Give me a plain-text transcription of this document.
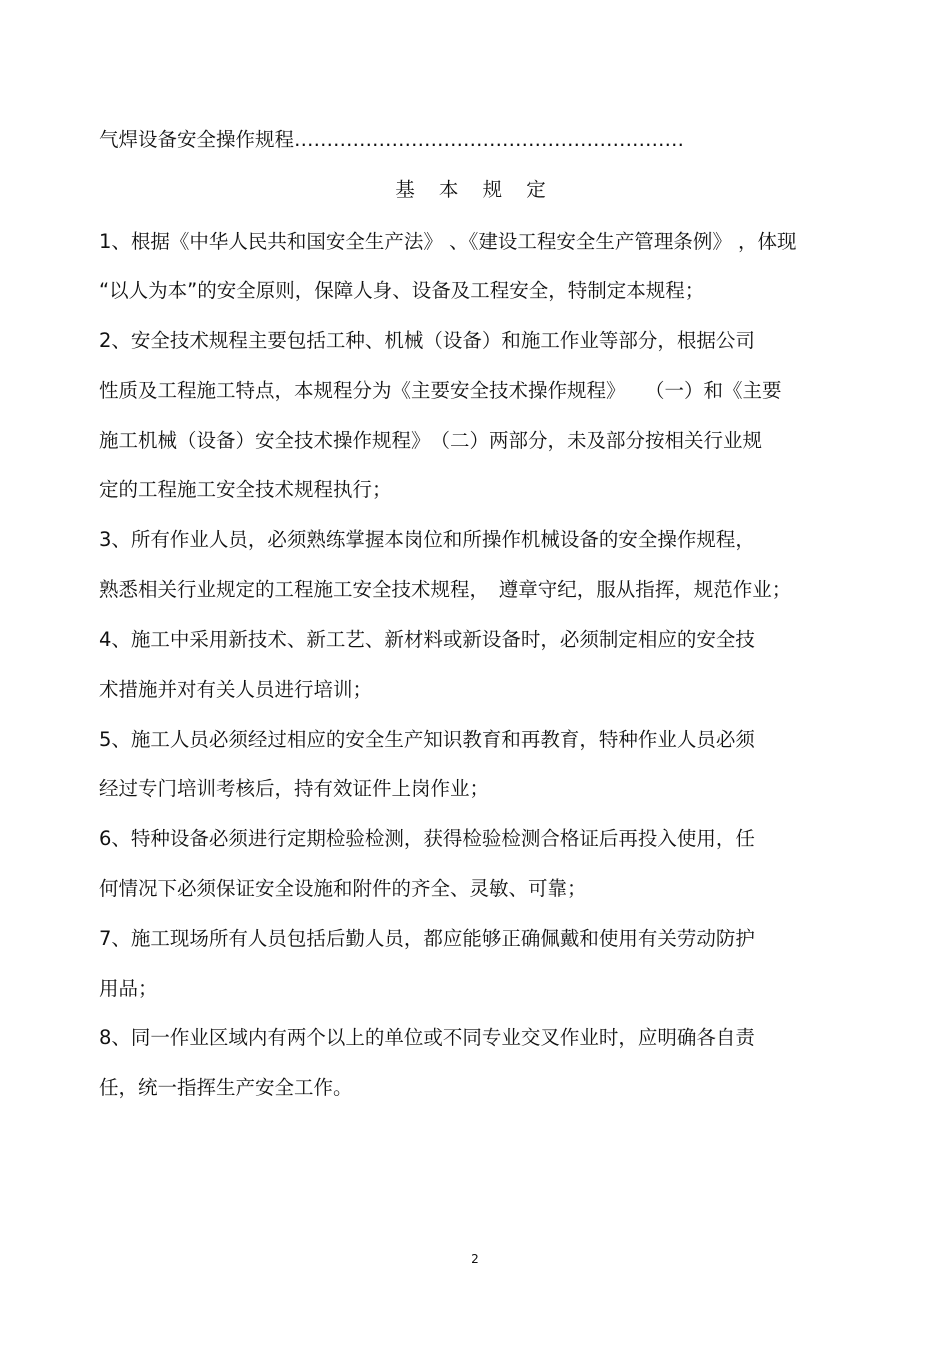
气焊设备安全操作规程……………………………………………………
基 本 规 定
1、根据《中华人民共和国安全生产法》 、《建设工程安全生产管理条例》 ，体现
“以人为本”的安全原则，保障人身、设备及工程安全，特制定本规程；
2、安全技术规程主要包括工种、机械（设备）和施工作业等部分，根据公司
性质及工程施工特点，本规程分为《主要安全技术操作规程》　　（一）和《主要
施工机械（设备）安全技术操作规程》　（二）两部分，未及部分按相关行业规
定的工程施工安全技术规程执行；
3、所有作业人员，必须熟练掌握本岗位和所操作机械设备的安全操作规程，
熟悉相关行业规定的工程施工安全技术规程，　遵章守纪，服从指挥，规范作业；
4、施工中采用新技术、新工艺、新材料或新设备时，必须制定相应的安全技
术措施并对有关人员进行培训；
5、施工人员必须经过相应的安全生产知识教育和再教育，特种作业人员必须
经过专门培训考核后，持有效证件上岗作业；
6、特种设备必须进行定期检验检测，获得检验检测合格证后再投入使用，任
何情况下必须保证安全设施和附件的齐全、灵敏、可靠；
7、施工现场所有人员包括后勤人员，都应能够正确佩戴和使用有关劳动防护
用品；
8、同一作业区域内有两个以上的单位或不同专业交叉作业时，应明确各自责
任，统一指挥生产安全工作。
2
